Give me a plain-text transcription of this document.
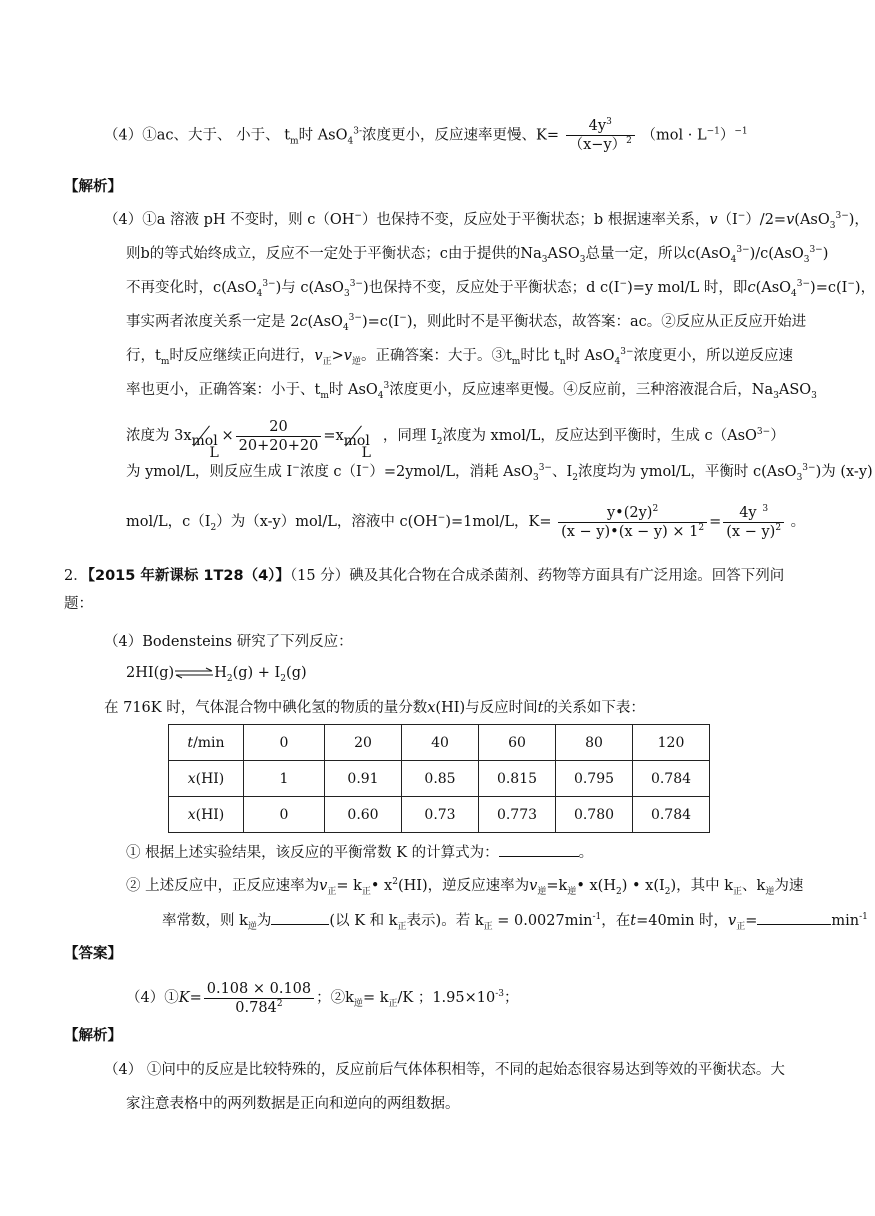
（4）①ac、大于、 小于、 $t_m$时 AsO$_4^{3-}$浓度更小，反应速率更慢、$K= \frac{4y^3}{(x-y)^2} (mol \cdot L^{-1})^{-1}$
【解析】
（4）①a 溶液 pH 不变时，则 c（OH−）也保持不变，反应处于平衡状态；b 根据速率关系，v（I−）/2=v(AsO$_3^{3-}$)，
则b的等式始终成立，反应不一定处于平衡状态；c由于提供的$Na_3ASO_3$总量一定，所以c(AsO$_4^{3-}$)/c(AsO$_3^{3-}$)
不再变化时，c(AsO$_4^{3-}$)与 c(AsO$_3^{3-}$)也保持不变，反应处于平衡状态；d c(I−)=y mol/L 时，即c(AsO$_4^{3-}$)=c(I−)，
事实两者浓度关系一定是 2c(AsO$_4^{3-}$)=c(I−)，则此时不是平衡状态，故答案：ac。②反应从正反应开始进
行，$t_m$时反应继续正向进行，$v_正>v_逆$。正确答案：大于。$③t_m$时比 $t_n$时 AsO$_4^{3-}$浓度更小，所以逆反应速
率也更小，正确答案：小于、$t_m$时 AsO$_4^3$浓度更小，反应速率更慢。④反应前，三种溶液混合后，$Na_3ASO_3$
浓度为 3x mol
L
× $\frac{20}{20+20+20} =x$ mol
L
，同理 $I_2$浓度为 xmol/L，反应达到平衡时，生成 c（AsO$^{3-}$）
为 ymol/L，则反应生成 I−浓度 c（I−）=2ymol/L，消耗 AsO$_3^{3-}$、$I_2$浓度均为 ymol/L，平衡时 c(AsO$_3^{3-}$)为 (x-y)
mol/L，$c(I_2)$为（x-y）mol/L，溶液中 c(OH−)=1mol/L，$K= \frac{y•(2y)^2}{(x - y)•(x - y) \times 1^2} = \frac{4y ^3}{(x - y)^2}$ 。
2．【2015 年新课标 1T28（4）】（15 分）碘及其化合物在合成杀菌剂、药物等方面具有广泛用途。回答下列问
题：
（4）Bodensteins 研究了下列反应：
$2HI(g)\rightleftharpoons H_2(g) + I_2(g)$
在 716K 时，气体混合物中碘化氢的物质的量分数x(HI)与反应时间t的关系如下表：
t/min	0	20	40	60	80	120
x(HI)	1	0.91	0.85	0.815	0.795	0.784
x(HI)	0	0.60	0.73	0.773	0.780	0.784
① 根据上述实验结果，该反应的平衡常数 K 的计算式为：	。
② 上述反应中，正反应速率为$v_正=$ $k_正•$ $x^2(HI)$，逆反应速率为$v_逆=k_逆•$ $x(H_2)$ • $x(I_2)$，其中 $k_正$、$k_逆$为速
率常数，则 $k_逆$为	(以 K 和 $k_正$表示)。若 $k_正 = 0.0027\min^{-1}$，在t=40min 时，$v_正=$	$\min^{-1}$
【答案】
（4）①K= $\frac{0.108 \times 0.108}{0.784^2}$ ；$②k_逆= k_正/K$ ；$1.95\times 10^{-3}$；
【解析】
（4） ①问中的反应是比较特殊的，反应前后气体体积相等，不同的起始态很容易达到等效的平衡状态。大
家注意表格中的两列数据是正向和逆向的两组数据。
